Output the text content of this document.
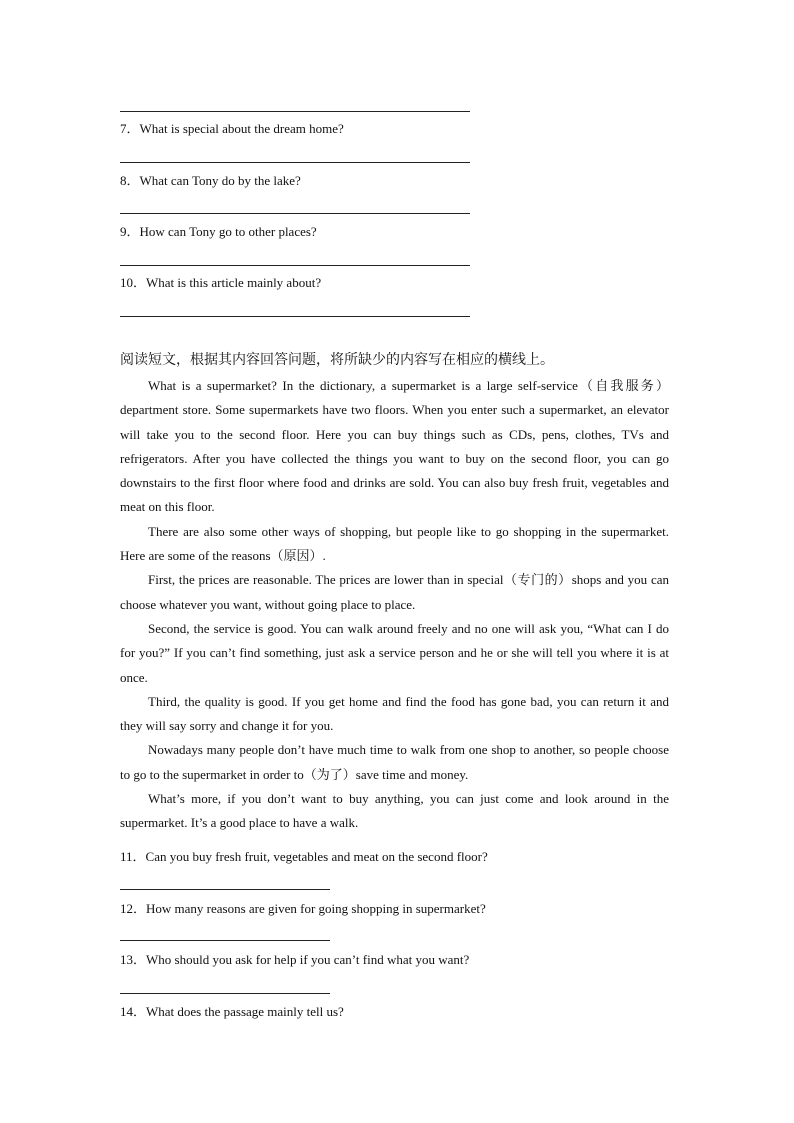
7．What is special about the dream home?
8．What can Tony do by the lake?
9．How can Tony go to other places?
10．What is this article mainly about?
阅读短文，根据其内容回答问题，将所缺少的内容写在相应的横线上。

What is a supermarket? In the dictionary, a supermarket is a large self-service（自我服务）department store. Some supermarkets have two floors. When you enter such a supermarket, an elevator will take you to the second floor. Here you can buy things such as CDs, pens, clothes, TVs and refrigerators. After you have collected the things you want to buy on the second floor, you can go downstairs to the first floor where food and drinks are sold. You can also buy fresh fruit, vegetables and meat on this floor.

There are also some other ways of shopping, but people like to go shopping in the supermarket. Here are some of the reasons（原因）.

First, the prices are reasonable. The prices are lower than in special（专门的）shops and you can choose whatever you want, without going place to place.

Second, the service is good. You can walk around freely and no one will ask you, “What can I do for you?” If you can’t find something, just ask a service person and he or she will tell you where it is at once.

Third, the quality is good. If you get home and find the food has gone bad, you can return it and they will say sorry and change it for you.

Nowadays many people don’t have much time to walk from one shop to another, so people choose to go to the supermarket in order to（为了）save time and money.

What’s more, if you don’t want to buy anything, you can just come and look around in the supermarket. It’s a good place to have a walk.

11．Can you buy fresh fruit, vegetables and meat on the second floor?
12．How many reasons are given for going shopping in supermarket?
13．Who should you ask for help if you can’t find what you want?
14．What does the passage mainly tell us?
